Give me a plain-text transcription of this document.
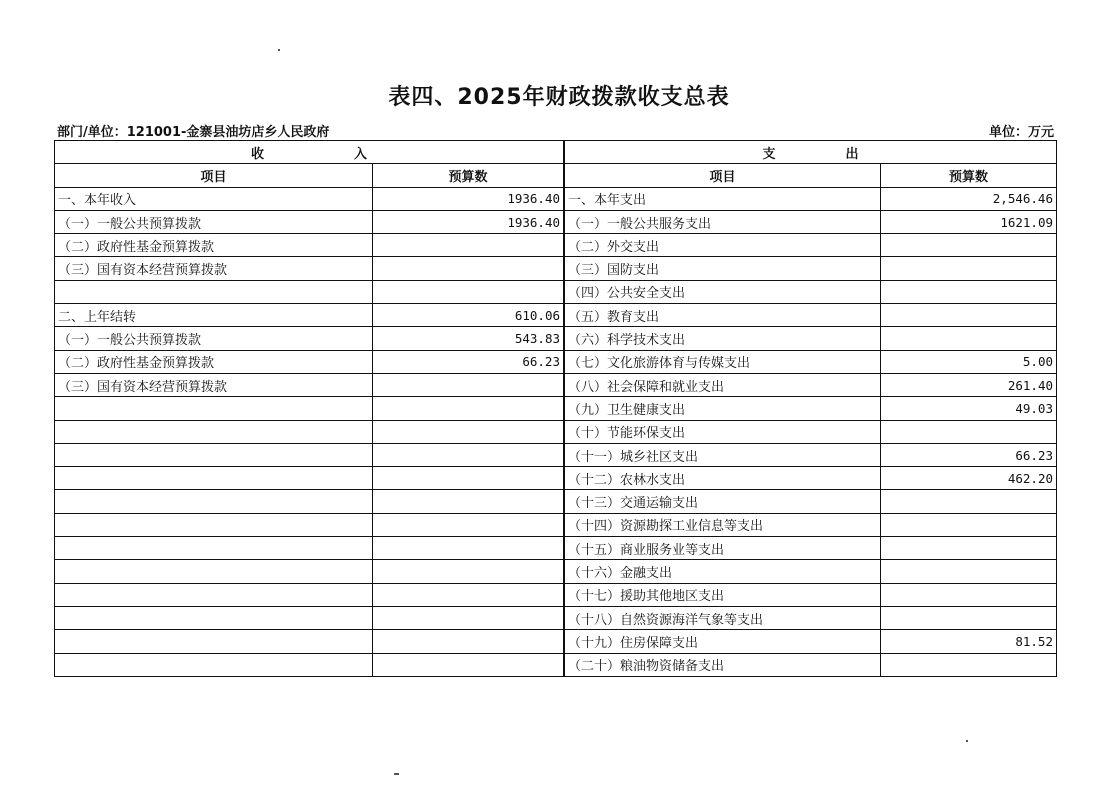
表四、2025年财政拨款收支总表
部门/单位：121001-金寨县油坊店乡人民政府	单位：万元
收 入	
项目	预算数
一、本年收入	1936.40
（一）一般公共预算拨款	1936.40
（二）政府性基金预算拨款	
（三）国有资本经营预算拨款	

二、上年结转	610.06
（一）一般公共预算拨款	543.83
（二）政府性基金预算拨款	66.23
（三）国有资本经营预算拨款	

支 出	
项目	预算数
一、本年支出	2,546.46
（一）一般公共服务支出	1621.09
（二）外交支出	
（三）国防支出	
（四）公共安全支出	
（五）教育支出	
（六）科学技术支出	
（七）文化旅游体育与传媒支出	5.00
（八）社会保障和就业支出	261.40
（九）卫生健康支出	49.03
（十）节能环保支出	
（十一）城乡社区支出	66.23
（十二）农林水支出	462.20
（十三）交通运输支出	
（十四）资源勘探工业信息等支出	
（十五）商业服务业等支出	
（十六）金融支出	
（十七）援助其他地区支出	
（十八）自然资源海洋气象等支出	
（十九）住房保障支出	81.52
（二十）粮油物资储备支出	
